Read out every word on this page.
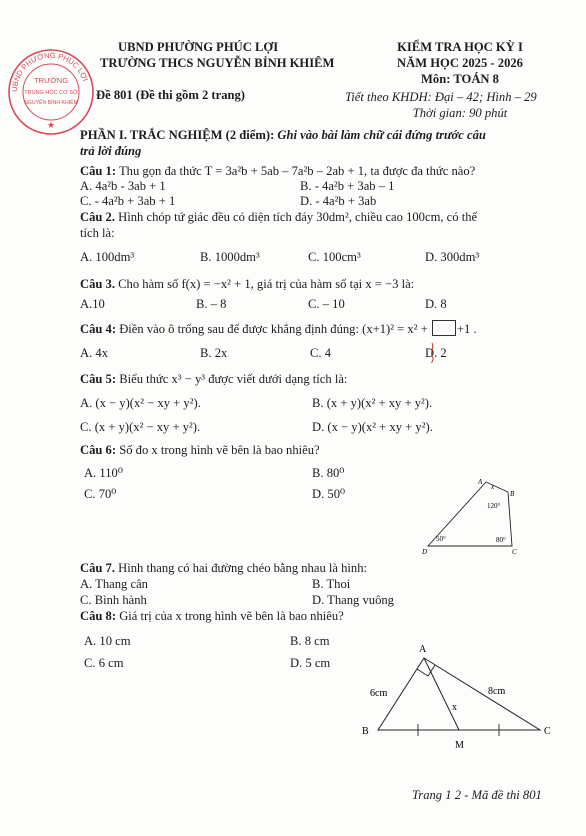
UBND PHƯỜNG PHÚC LỢI
TRƯỜNG
TRUNG HỌC CƠ SỞ
NGUYỄN BỈNH KHIÊM
★
UBND PHƯỜNG PHÚC LỢI
TRƯỜNG THCS NGUYỄN BỈNH KHIÊM
Đề 801 (Đề thi gồm 2 trang)
KIỂM TRA HỌC KỲ I
NĂM HỌC 2025 - 2026
Môn: TOÁN 8
Tiết theo KHDH: Đại – 42; Hình – 29
Thời gian: 90 phút
PHẦN I. TRẮC NGHIỆM (2 điểm): Ghi vào bài làm chữ cái đứng trước câu
trả lời đúng
Câu 1: Thu gọn đa thức T = 3a²b + 5ab – 7a²b – 2ab + 1, ta được đa thức nào?
A. 4a²b - 3ab + 1	B. - 4a²b + 3ab – 1
C. - 4a²b + 3ab + 1	D. - 4a²b + 3ab
Câu 2. Hình chóp tứ giác đều có diện tích đáy 30dm², chiều cao 100cm, có thể
tích là:
A. 100dm³	B. 1000dm³	C. 100cm³	D. 300dm³
Câu 3. Cho hàm số f(x) = −x² + 1, giá trị của hàm số tại x = −3 là:
A.10	B. – 8	C. – 10	D. 8
Câu 4: Điền vào ô trống sau để được khẳng định đúng: (x+1)² = x² + +1 .
A. 4x	B. 2x	C. 4	D. 2
Câu 5: Biểu thức x³ − y³ được viết dưới dạng tích là:
A. (x − y)(x² − xy + y²).	B. (x + y)(x² + xy + y²).
C. (x + y)(x² − xy + y²).	D. (x − y)(x² + xy + y²).
Câu 6: Số đo x trong hình vẽ bên là bao nhiêu?
A. 110⁰	B. 80⁰
C. 70⁰	D. 50⁰
A
B
C
D
x
120°
50°	80°
Câu 7. Hình thang có hai đường chéo bằng nhau là hình:
A. Thang cân	B. Thoi
C. Bình hành	D. Thang vuông
Câu 8: Giá trị của x trong hình vẽ bên là bao nhiêu?
A. 10 cm	B. 8 cm
C. 6 cm	D. 5 cm
A
B	C
M
x
6cm	8cm
Trang 1 2 - Mã đề thi 801
